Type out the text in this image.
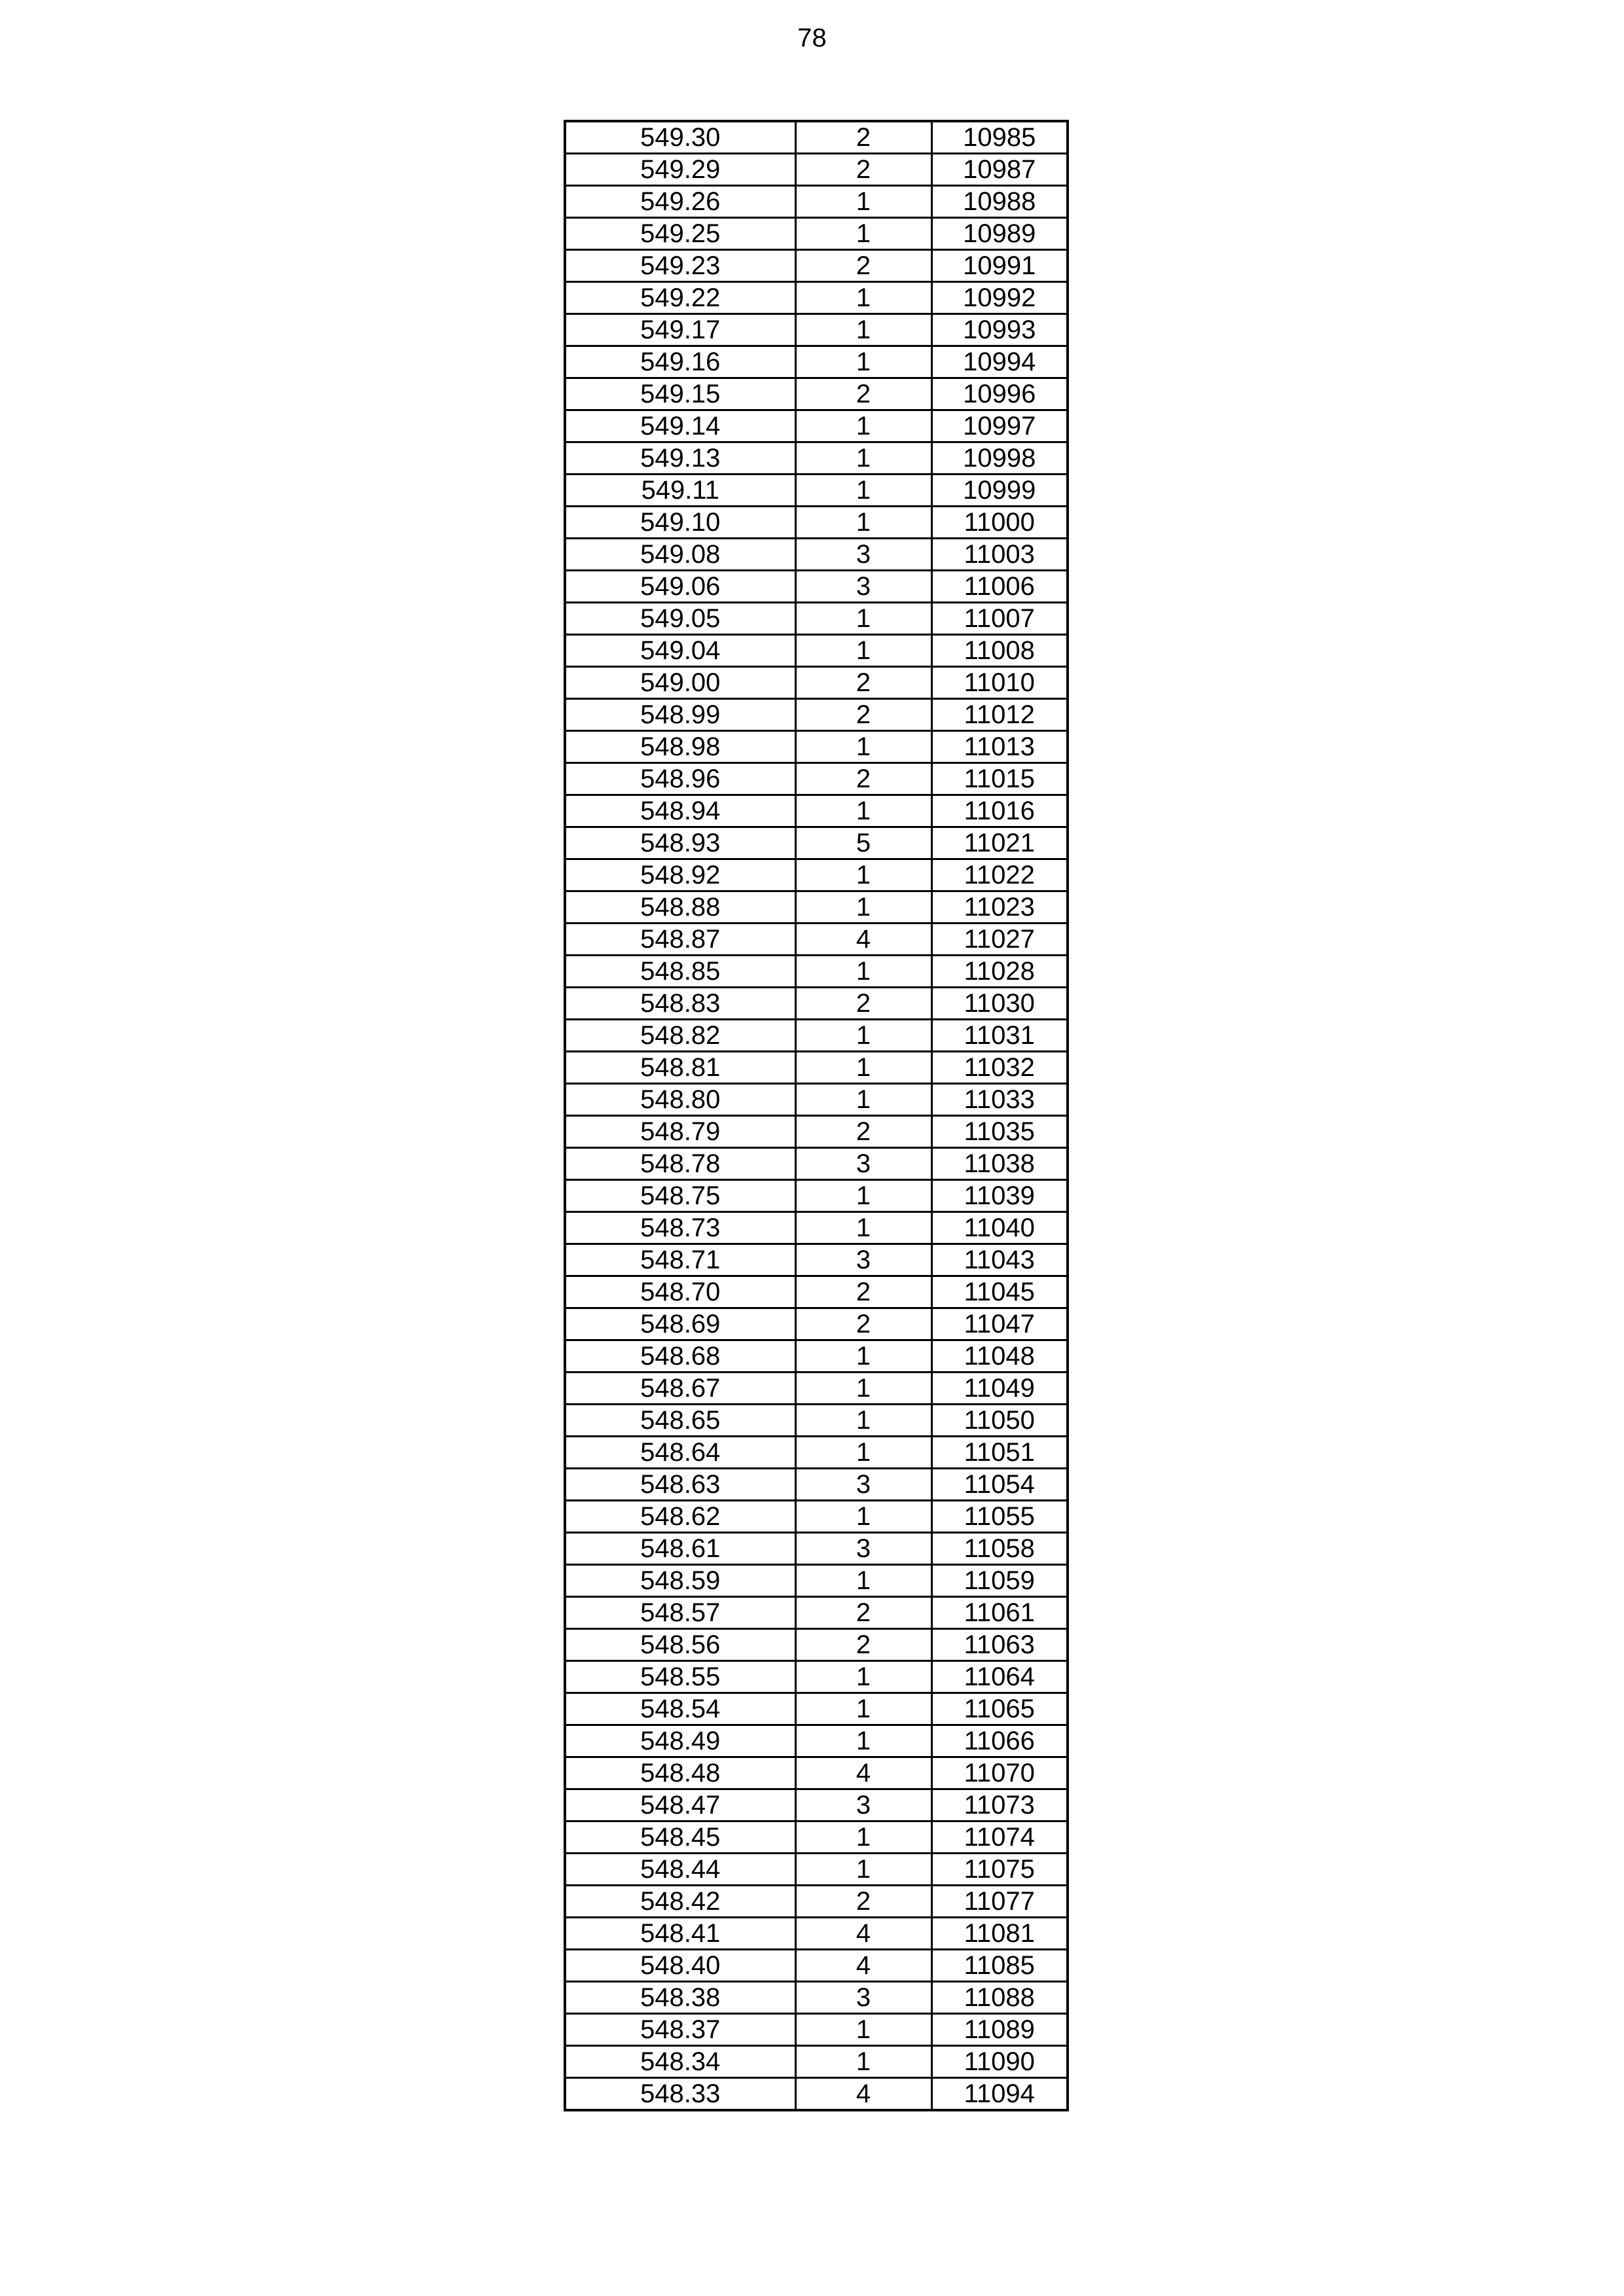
78
549.30	2	10985
549.29	2	10987
549.26	1	10988
549.25	1	10989
549.23	2	10991
549.22	1	10992
549.17	1	10993
549.16	1	10994
549.15	2	10996
549.14	1	10997
549.13	1	10998
549.11	1	10999
549.10	1	11000
549.08	3	11003
549.06	3	11006
549.05	1	11007
549.04	1	11008
549.00	2	11010
548.99	2	11012
548.98	1	11013
548.96	2	11015
548.94	1	11016
548.93	5	11021
548.92	1	11022
548.88	1	11023
548.87	4	11027
548.85	1	11028
548.83	2	11030
548.82	1	11031
548.81	1	11032
548.80	1	11033
548.79	2	11035
548.78	3	11038
548.75	1	11039
548.73	1	11040
548.71	3	11043
548.70	2	11045
548.69	2	11047
548.68	1	11048
548.67	1	11049
548.65	1	11050
548.64	1	11051
548.63	3	11054
548.62	1	11055
548.61	3	11058
548.59	1	11059
548.57	2	11061
548.56	2	11063
548.55	1	11064
548.54	1	11065
548.49	1	11066
548.48	4	11070
548.47	3	11073
548.45	1	11074
548.44	1	11075
548.42	2	11077
548.41	4	11081
548.40	4	11085
548.38	3	11088
548.37	1	11089
548.34	1	11090
548.33	4	11094
